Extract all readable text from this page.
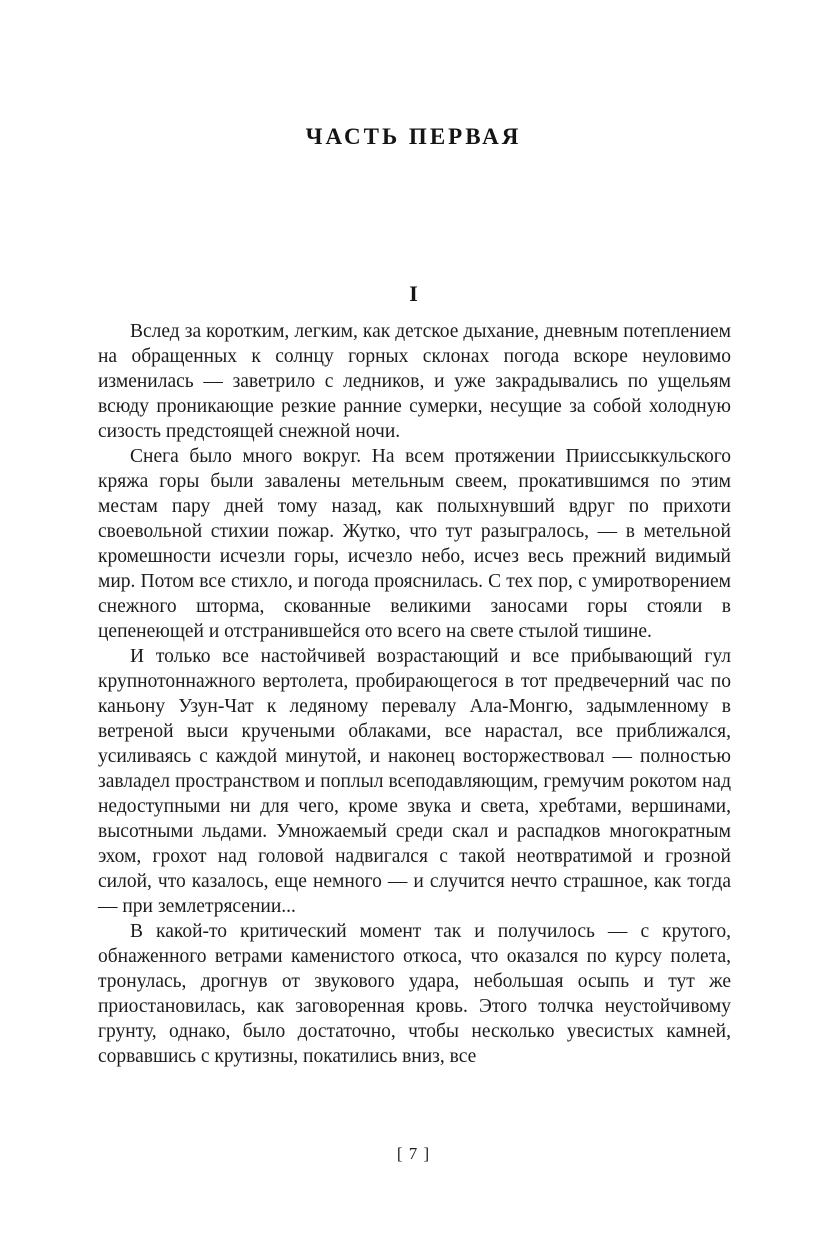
ЧАСТЬ ПЕРВАЯ
I

Вслед за коротким, легким, как детское дыхание, дневным потеплением на обращенных к солнцу горных склонах погода вскоре неуловимо изменилась — заветрило с ледников, и уже закрадывались по ущельям всюду проникающие резкие ранние сумерки, несущие за собой холодную сизость предстоящей снежной ночи.

Снега было много вокруг. На всем протяжении Прииссыккульского кряжа горы были завалены метельным свеем, прокатившимся по этим местам пару дней тому назад, как полыхнувший вдруг по прихоти своевольной стихии пожар. Жутко, что тут разыгралось, — в метельной кромешности исчезли горы, исчезло небо, исчез весь прежний видимый мир. Потом все стихло, и погода прояснилась. С тех пор, с умиротворением снежного шторма, скованные великими заносами горы стояли в цепенеющей и отстранившейся ото всего на свете стылой тишине.

И только все настойчивей возрастающий и все прибывающий гул крупнотоннажного вертолета, пробирающегося в тот предвечерний час по каньону Узун-Чат к ледяному перевалу Ала-Монгю, задымленному в ветреной выси кручеными облаками, все нарастал, все приближался, усиливаясь с каждой минутой, и наконец восторжествовал — полностью завладел пространством и поплыл всеподавляющим, гремучим рокотом над недоступными ни для чего, кроме звука и света, хребтами, вершинами, высотными льдами. Умножаемый среди скал и распадков многократным эхом, грохот над головой надвигался с такой неотвратимой и грозной силой, что казалось, еще немного — и случится нечто страшное, как тогда — при землетрясении...

В какой-то критический момент так и получилось — с крутого, обнаженного ветрами каменистого откоса, что оказался по курсу полета, тронулась, дрогнув от звукового удара, небольшая осыпь и тут же приостановилась, как заговоренная кровь. Этого толчка неустойчивому грунту, однако, было достаточно, чтобы несколько увесистых камней, сорвавшись с крутизны, покатились вниз, все

[ 7 ]
